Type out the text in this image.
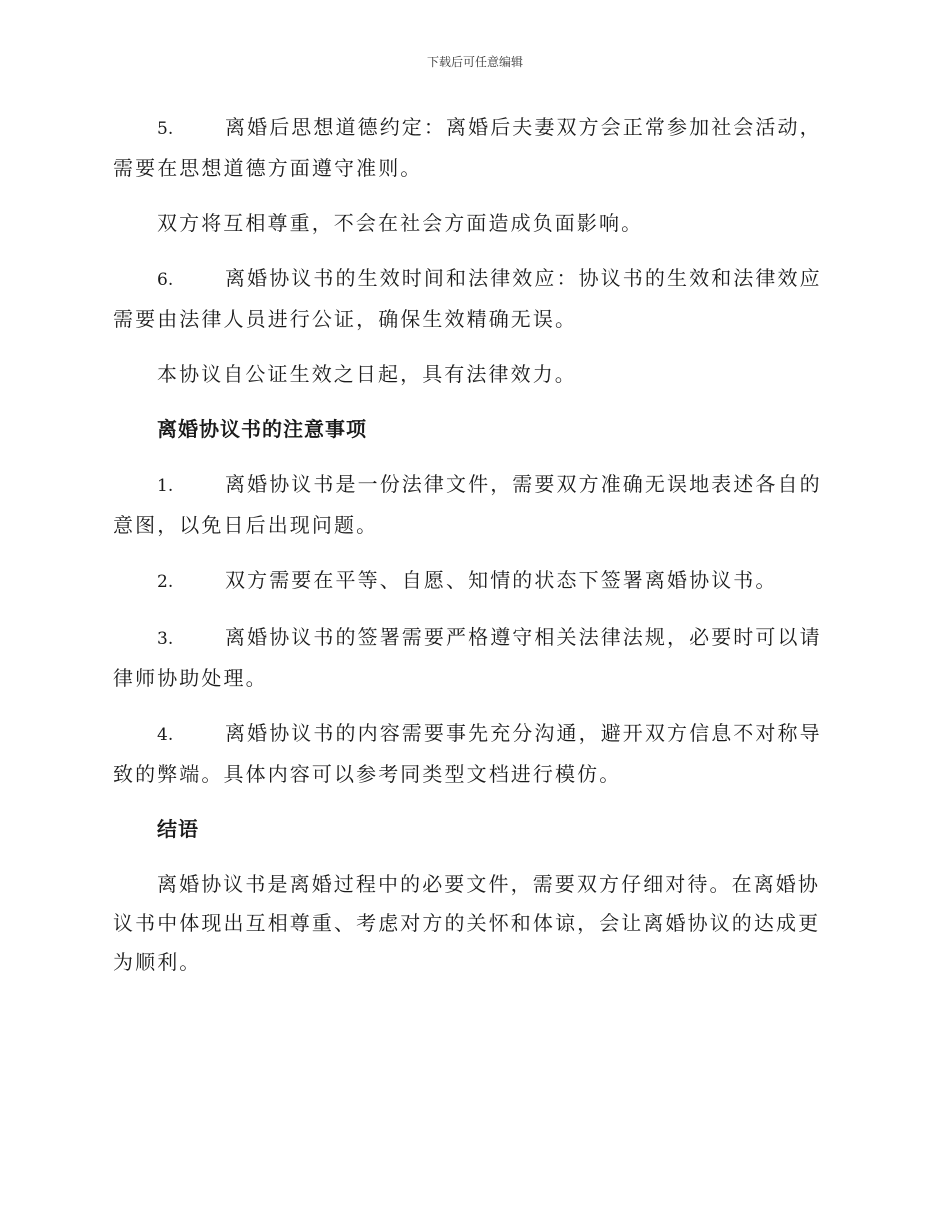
下载后可任意编辑

5.	离婚后思想道德约定：离婚后夫妻双方会正常参加社会活动，需要在思想道德方面遵守准则。

双方将互相尊重，不会在社会方面造成负面影响。

6.	离婚协议书的生效时间和法律效应：协议书的生效和法律效应需要由法律人员进行公证，确保生效精确无误。

本协议自公证生效之日起，具有法律效力。

离婚协议书的注意事项

1.	离婚协议书是一份法律文件，需要双方准确无误地表述各自的意图，以免日后出现问题。

2.	双方需要在平等、自愿、知情的状态下签署离婚协议书。

3.	离婚协议书的签署需要严格遵守相关法律法规，必要时可以请律师协助处理。

4.	离婚协议书的内容需要事先充分沟通，避开双方信息不对称导致的弊端。具体内容可以参考同类型文档进行模仿。

结语

离婚协议书是离婚过程中的必要文件，需要双方仔细对待。在离婚协议书中体现出互相尊重、考虑对方的关怀和体谅，会让离婚协议的达成更为顺利。
